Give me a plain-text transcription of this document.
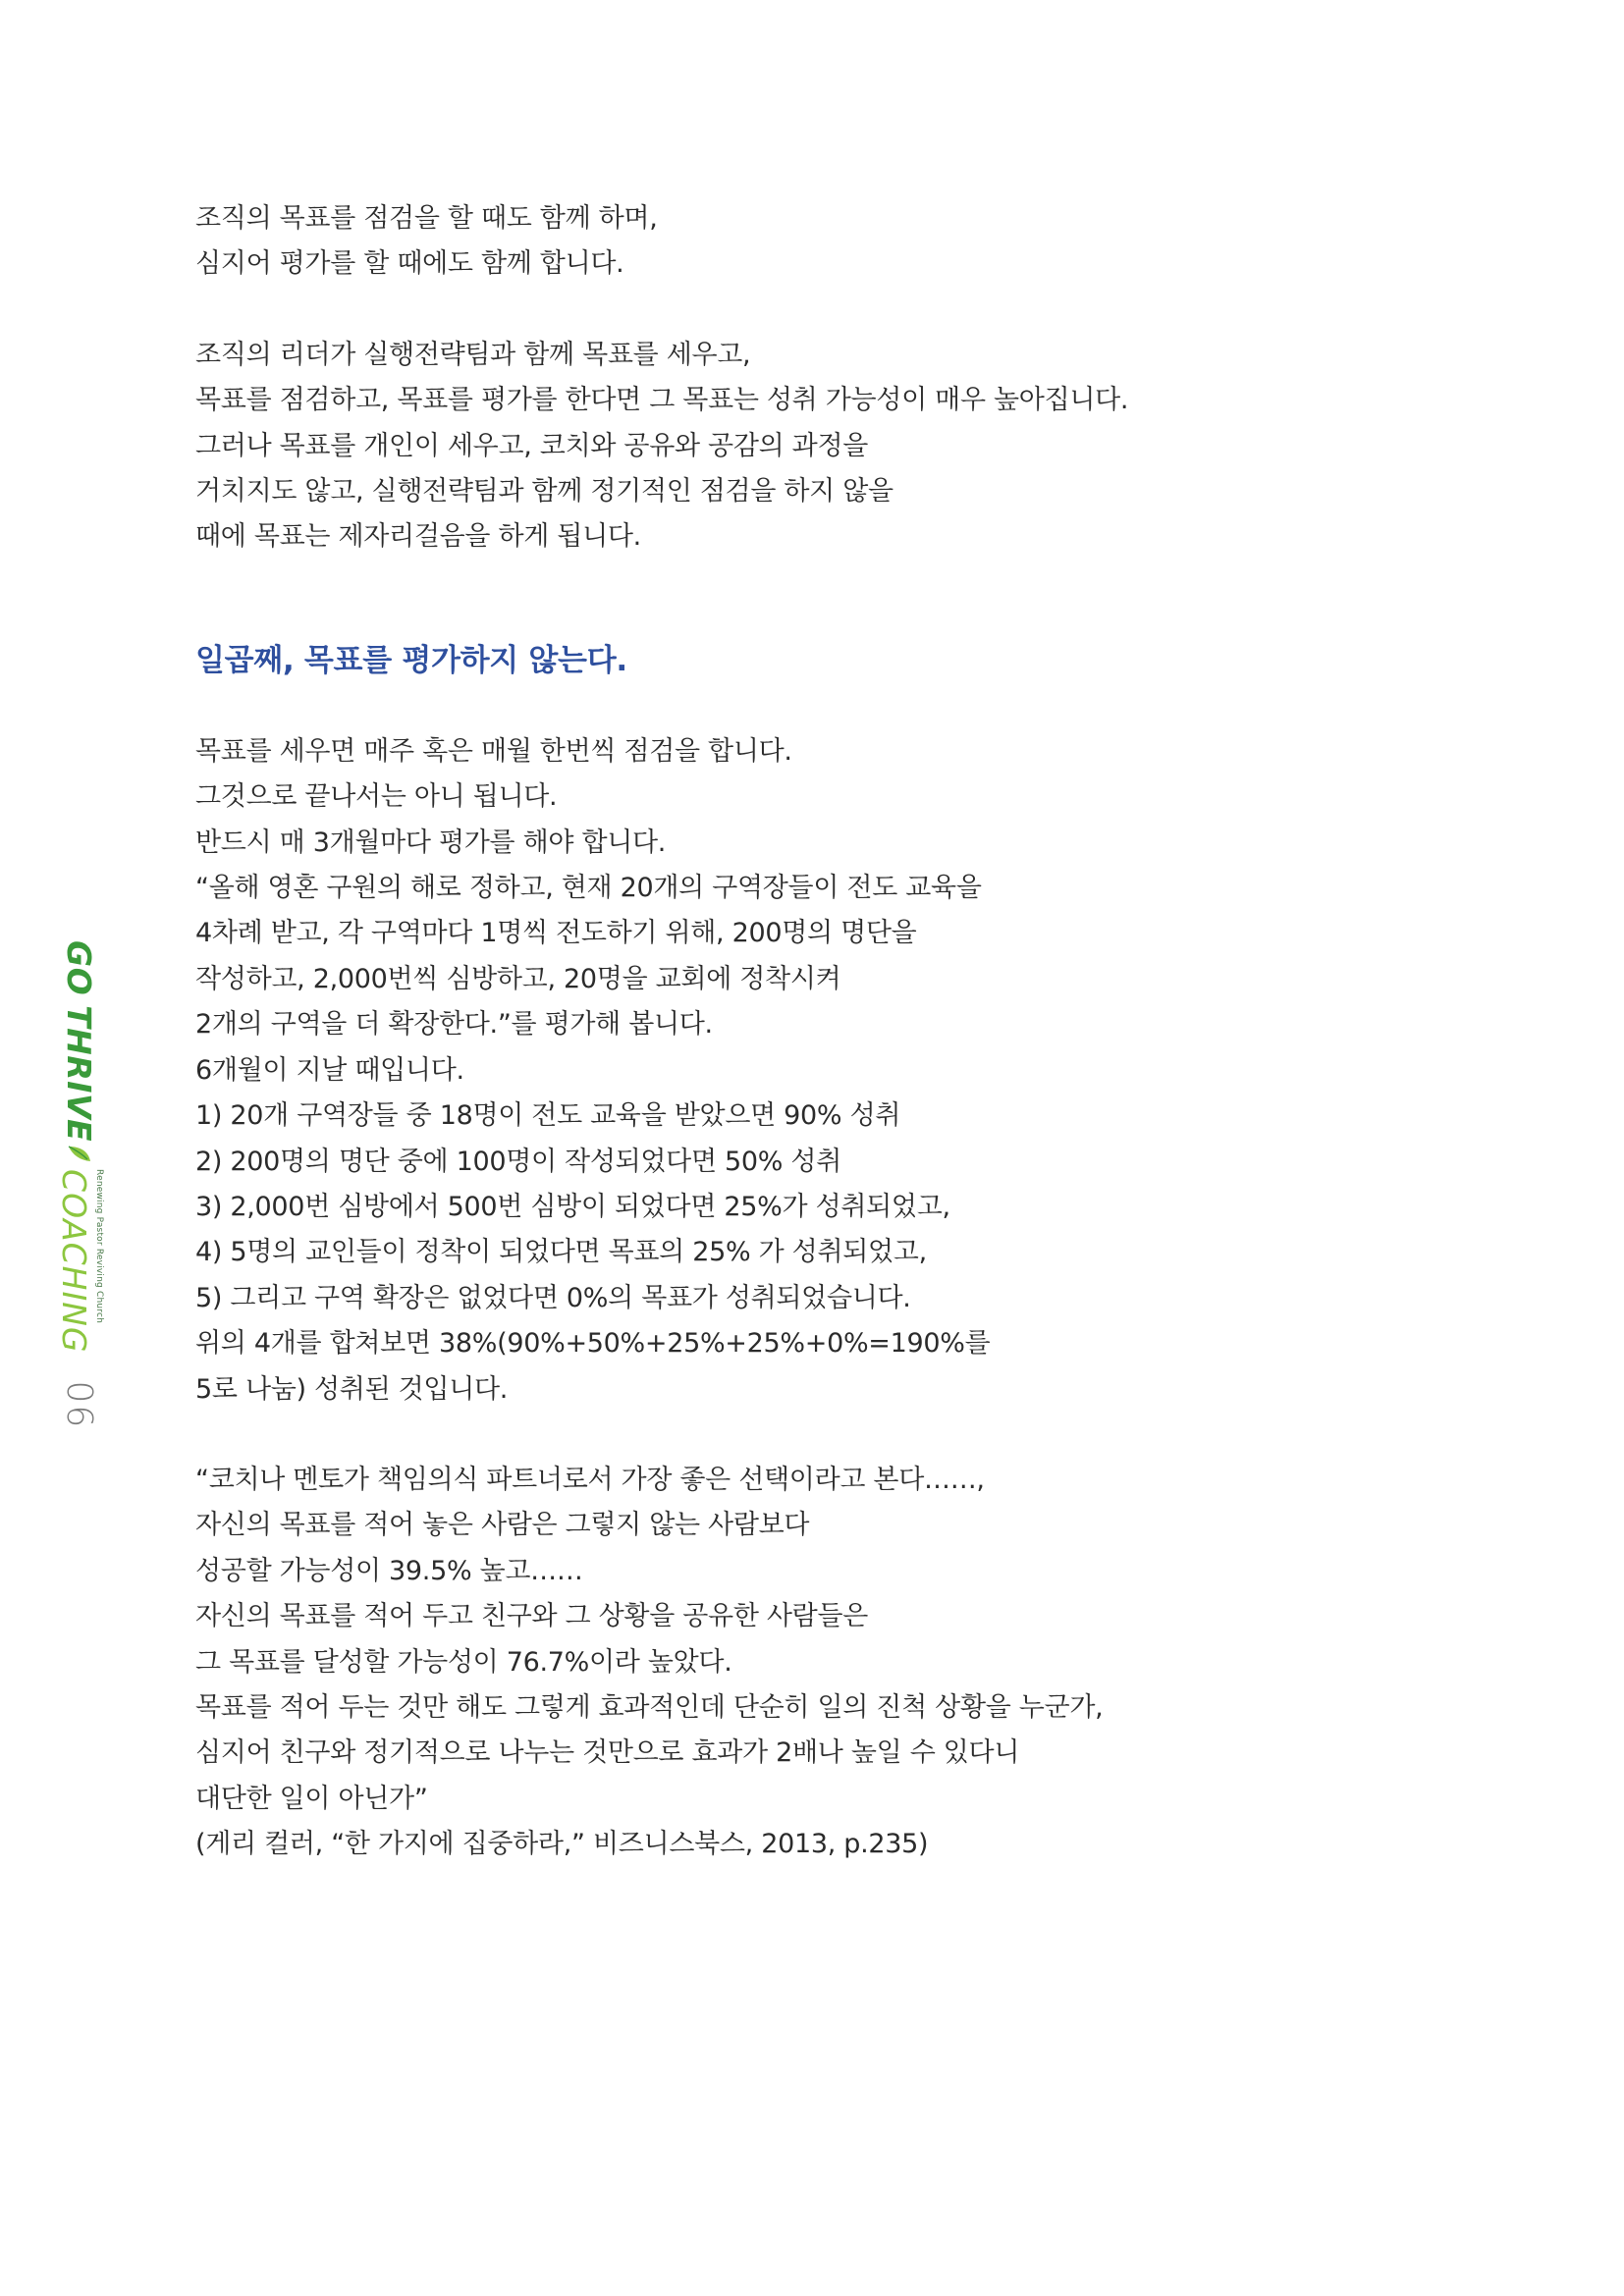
조직의 목표를 점검을 할 때도 함께 하며,
심지어 평가를 할 때에도 함께 합니다.
조직의 리더가 실행전략팀과 함께 목표를 세우고,
목표를 점검하고, 목표를 평가를 한다면 그 목표는 성취 가능성이 매우 높아집니다.
그러나 목표를 개인이 세우고, 코치와 공유와 공감의 과정을
거치지도 않고, 실행전략팀과 함께 정기적인 점검을 하지 않을
때에 목표는 제자리걸음을 하게 됩니다.
일곱째, 목표를 평가하지 않는다.
목표를 세우면 매주 혹은 매월 한번씩 점검을 합니다.
그것으로 끝나서는 아니 됩니다.
반드시 매 3개월마다 평가를 해야 합니다.
“올해 영혼 구원의 해로 정하고, 현재 20개의 구역장들이 전도 교육을
4차례 받고, 각 구역마다 1명씩 전도하기 위해, 200명의 명단을
작성하고, 2,000번씩 심방하고, 20명을 교회에 정착시켜
2개의 구역을 더 확장한다.”를 평가해 봅니다.
6개월이 지날 때입니다.
1) 20개 구역장들 중 18명이 전도 교육을 받았으면 90% 성취
2) 200명의 명단 중에 100명이 작성되었다면 50% 성취
3) 2,000번 심방에서 500번 심방이 되었다면 25%가 성취되었고,
4) 5명의 교인들이 정착이 되었다면 목표의 25% 가 성취되었고,
5) 그리고 구역 확장은 없었다면 0%의 목표가 성취되었습니다.
위의 4개를 합쳐보면 38%(90%+50%+25%+25%+0%=190%를
5로 나눔) 성취된 것입니다.
“코치나 멘토가 책임의식 파트너로서 가장 좋은 선택이라고 본다……,
자신의 목표를 적어 놓은 사람은 그렇지 않는 사람보다
성공할 가능성이 39.5% 높고……
자신의 목표를 적어 두고 친구와 그 상황을 공유한 사람들은
그 목표를 달성할 가능성이 76.7%이라 높았다.
목표를 적어 두는 것만 해도 그렇게 효과적인데 단순히 일의 진척 상황을 누군가,
심지어 친구와 정기적으로 나누는 것만으로 효과가 2배나 높일 수 있다니
대단한 일이 아닌가”
(게리 컬러, “한 가지에 집중하라,” 비즈니스북스, 2013, p.235)
GO
THRIVE
Renewing Pastor Reviving Church
COACHING
06
